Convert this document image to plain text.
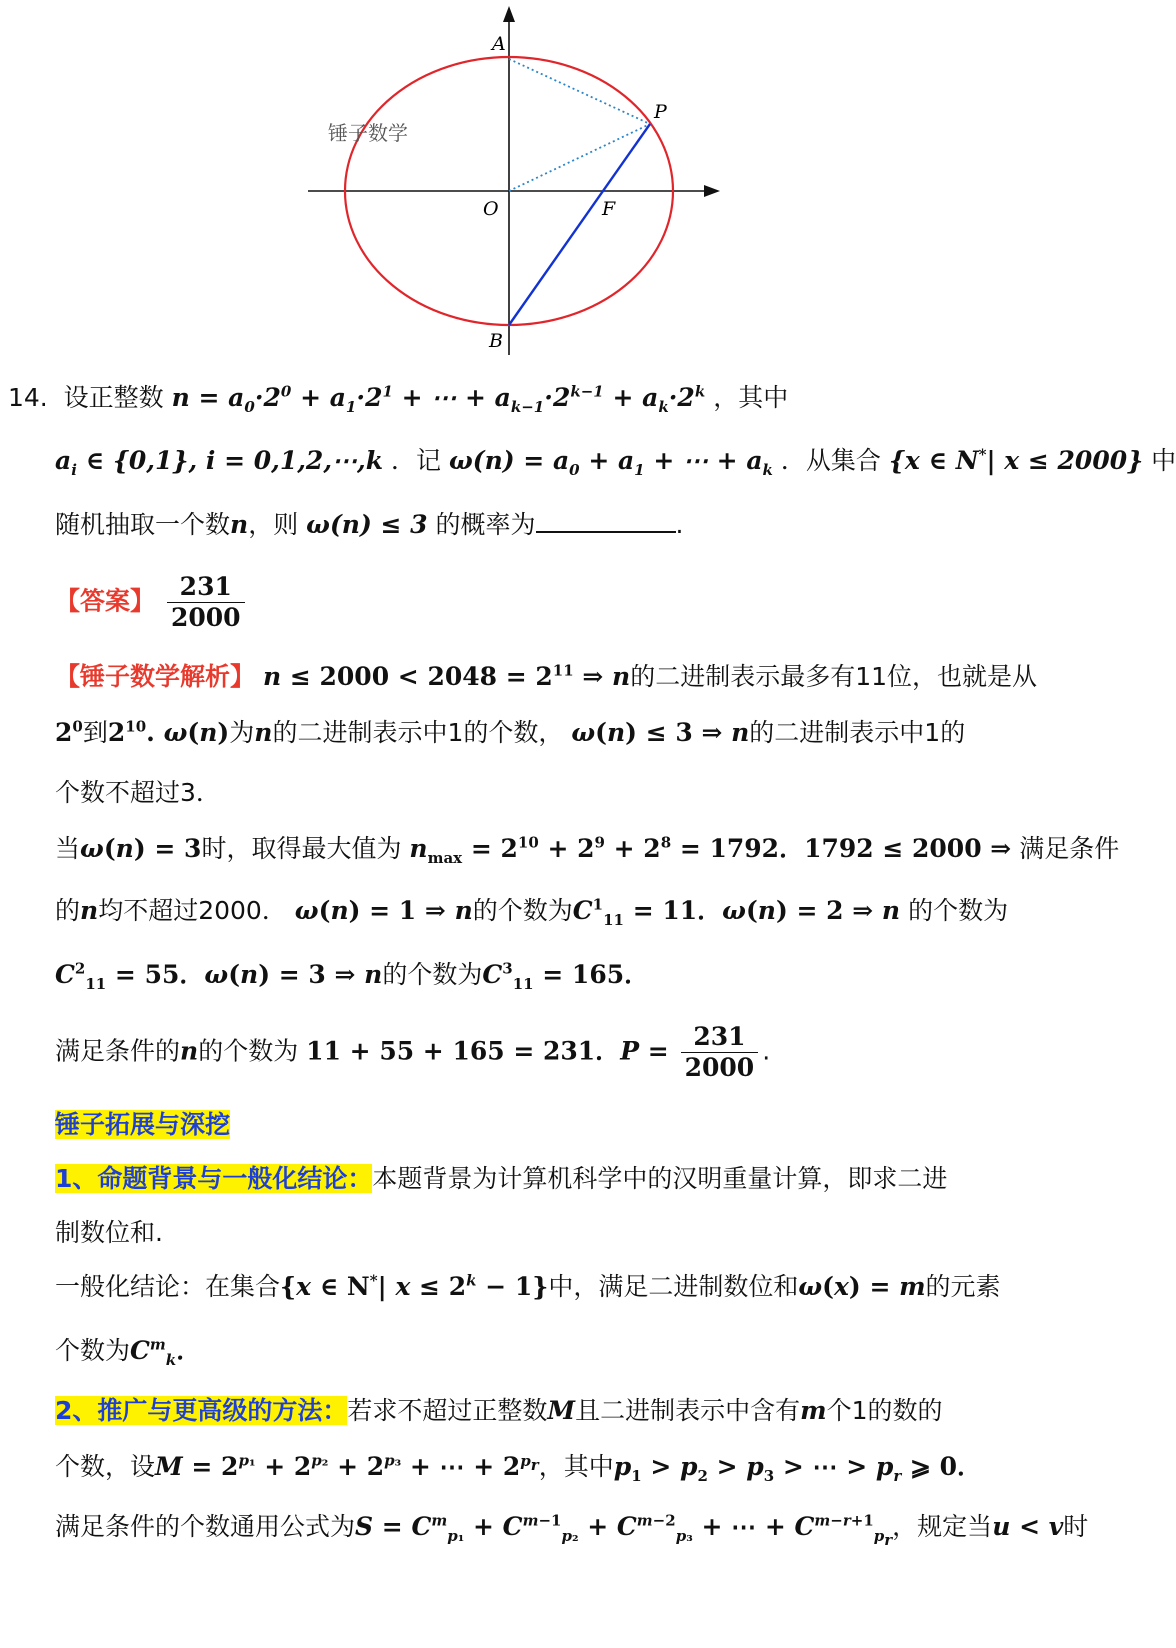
A
P
O	F
B
锤子数学
14. 设正整数 $n = a_0\cdot 2^0 + a_1\cdot 2^1$ + ⋯ + $a_{k-1}\cdot 2^{k-1} + a_k\cdot 2^k$ ，其中
$a_i$ ∈ {0,1}, i = 0,1,2,⋯,k ．记 $\omega(n) = a_0 + a_1$ + ⋯ + $a_k$ ．从集合 {x ∈ N*| x ≤ 2000} 中
随机抽取一个数n，则 ω(n) ≤ 3 的概率为	.
【答案】 $\frac{231}{2000}$
【锤子数学解析】 $n \le 2000 < 2048 = 2^{11}$ ⇒ n的二进制表示最多有11位，也就是从
$2^0$到$2^{10}$. ω(n)为n的二进制表示中1的个数， ω(n) ≤ 3 ⇒ n的二进制表示中1的
个数不超过3．
当ω(n) = 3时，取得最大值为 $n_{max} = 2^{10} + 2^9 + 2^8 = 1792$．1792 ≤ 2000 ⇒ 满足条件
的n均不超过2000． ω(n) = 1 ⇒ n的个数为$C^1_{11} = 11$．ω(n) = 2 ⇒ n 的个数为
$C^2_{11} = 55$．ω(n) = 3 ⇒ n的个数为$C^3_{11} = 165$．
满足条件的n的个数为 11 + 55 + 165 = 231．$P = \frac{231}{2000}$ .
锤子拓展与深挖
1、命题背景与一般化结论：本题背景为计算机科学中的汉明重量计算，即求二进
制数位和.
一般化结论：在集合{x ∈ N*| $x \le 2^k - 1$}中，满足二进制数位和ω(x) = m的元素
个数为$C^m_k$．
2、推广与更高级的方法：若求不超过正整数M且二进制表示中含有m个1的数的
个数，设$M = 2^{p_1} + 2^{p_2} + 2^{p_3}$ + ⋯ + $2^{p_r}$，其中$p_1 > p_2 > p_3$ > ⋯ > $p_r$ ⩾ 0．
满足条件的个数通用公式为$S = C^m_{p_1} + C^{m-1}_{p_2} + C^{m-2}_{p_3}$ + ⋯ + $C^{m-r+1}_{p_r}$，规定当u < v时
